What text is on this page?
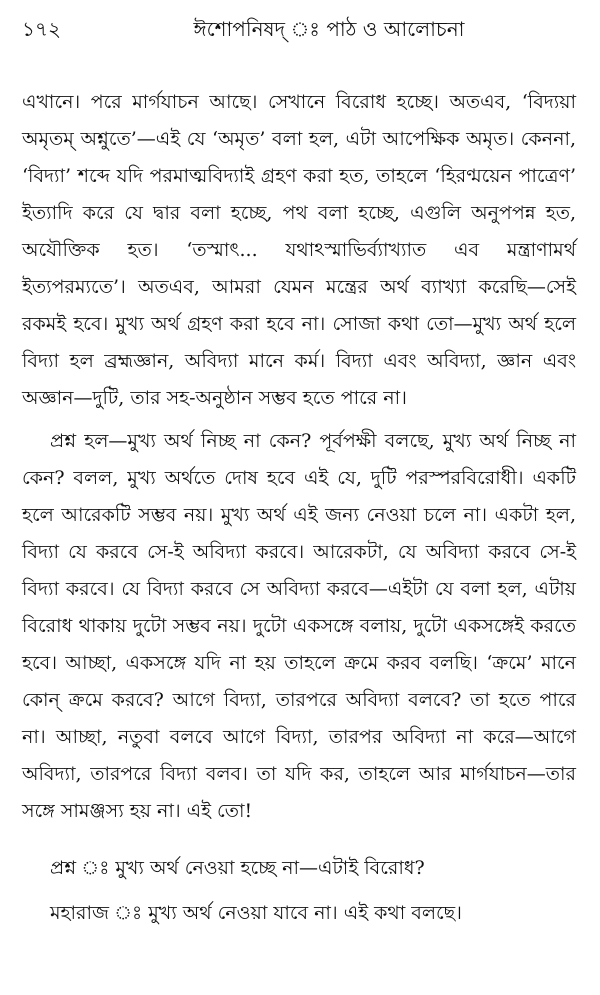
১৭২	ঈশোপনিষদ্ ঃ পাঠ ও আলোচনা

এখানে। পরে মার্গযাচন আছে। সেখানে বিরোধ হচ্ছে। অতএব, ‘বিদ্যয়া অমৃতম্ অশ্নুতে’—এই যে ‘অমৃত’ বলা হল, এটা আপেক্ষিক অমৃত। কেননা, ‘বিদ্যা’ শব্দে যদি পরমাত্মবিদ্যাই গ্রহণ করা হত, তাহলে ‘হিরণ্ময়েন পাত্রেণ’ ইত্যাদি করে যে দ্বার বলা হচ্ছে, পথ বলা হচ্ছে, এগুলি অনুপপন্ন হত, অযৌক্তিক হত। ‘তস্মাৎ... যথাঽস্মাভির্ব্যাখ্যাত এব মন্ত্রাণামর্থ ইত্যপরম্যতে’। অতএব, আমরা যেমন মন্ত্রের অর্থ ব্যাখ্যা করেছি—সেই রকমই হবে। মুখ্য অর্থ গ্রহণ করা হবে না। সোজা কথা তো—মুখ্য অর্থ হলে বিদ্যা হল ব্রহ্মজ্ঞান, অবিদ্যা মানে কর্ম। বিদ্যা এবং অবিদ্যা, জ্ঞান এবং অজ্ঞান—দুটি, তার সহ-অনুষ্ঠান সম্ভব হতে পারে না।

প্রশ্ন হল—মুখ্য অর্থ নিচ্ছ না কেন? পূর্বপক্ষী বলছে, মুখ্য অর্থ নিচ্ছ না কেন? বলল, মুখ্য অর্থতে দোষ হবে এই যে, দুটি পরস্পরবিরোধী। একটি হলে আরেকটি সম্ভব নয়। মুখ্য অর্থ এই জন্য নেওয়া চলে না। একটা হল, বিদ্যা যে করবে সে-ই অবিদ্যা করবে। আরেকটা, যে অবিদ্যা করবে সে-ই বিদ্যা করবে। যে বিদ্যা করবে সে অবিদ্যা করবে—এইটা যে বলা হল, এটায় বিরোধ থাকায় দুটো সম্ভব নয়। দুটো একসঙ্গে বলায়, দুটো একসঙ্গেই করতে হবে। আচ্ছা, একসঙ্গে যদি না হয় তাহলে ক্রমে করব বলছি। ‘ক্রমে’ মানে কোন্ ক্রমে করবে? আগে বিদ্যা, তারপরে অবিদ্যা বলবে? তা হতে পারে না। আচ্ছা, নতুবা বলবে আগে বিদ্যা, তারপর অবিদ্যা না করে—আগে অবিদ্যা, তারপরে বিদ্যা বলব। তা যদি কর, তাহলে আর মার্গযাচন—তার সঙ্গে সামঞ্জস্য হয় না। এই তো!

প্রশ্ন ঃ মুখ্য অর্থ নেওয়া হচ্ছে না—এটাই বিরোধ?

মহারাজ ঃ মুখ্য অর্থ নেওয়া যাবে না। এই কথা বলছে।
